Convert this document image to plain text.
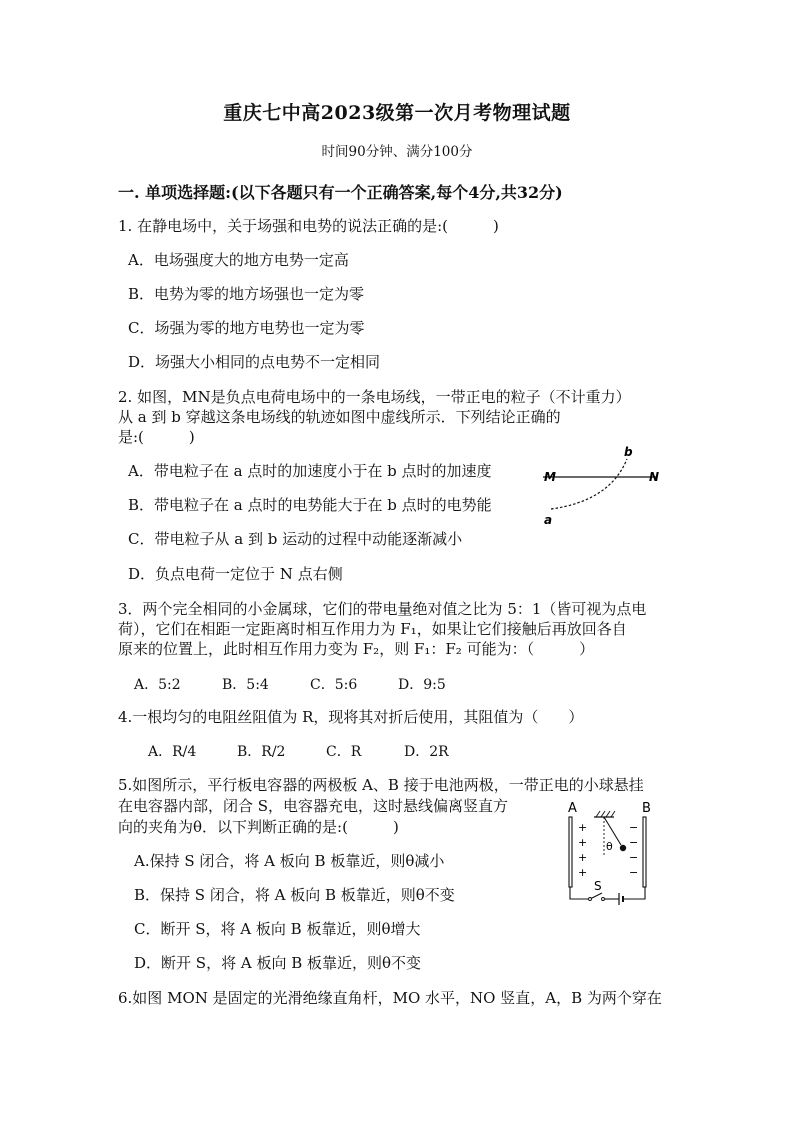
重庆七中高2023级第一次月考物理试题
时间90分钟、满分100分
一. 单项选择题:(以下各题只有一个正确答案,每个4分,共32分)
1. 在静电场中，关于场强和电势的说法正确的是:(　　　)
A．电场强度大的地方电势一定高
B．电势为零的地方场强也一定为零
C．场强为零的地方电势也一定为零
D．场强大小相同的点电势不一定相同
2. 如图，MN是负点电荷电场中的一条电场线，一带正电的粒子（不计重力）
从 a 到 b 穿越这条电场线的轨迹如图中虚线所示．下列结论正确的
是:(　　　)
A．带电粒子在 a 点时的加速度小于在 b 点时的加速度
B．带电粒子在 a 点时的电势能大于在 b 点时的电势能
C．带电粒子从 a 到 b 运动的过程中动能逐渐减小
D．负点电荷一定位于 N 点右侧
M	N
b
a
3．两个完全相同的小金属球，它们的带电量绝对值之比为 5：1（皆可视为点电
荷），它们在相距一定距离时相互作用力为 F₁，如果让它们接触后再放回各自
原来的位置上，此时相互作用力变为 F₂，则 F₁：F₂ 可能为：（　　　）
A．5:2	B．5:4	C．5:6	D．9:5
4.一根均匀的电阻丝阻值为 R，现将其对折后使用，其阻值为（　　）
A．R/4	B．R/2	C．R	D．2R
5.如图所示，平行板电容器的两极板 A、B 接于电池两极，一带正电的小球悬挂
在电容器内部，闭合 S，电容器充电，这时悬线偏离竖直方
向的夹角为θ．以下判断正确的是:(　　　)
A.保持 S 闭合，将 A 板向 B 板靠近，则θ减小
B．保持 S 闭合，将 A 板向 B 板靠近，则θ不变
C．断开 S，将 A 板向 B 板靠近，则θ增大
D．断开 S，将 A 板向 B 板靠近，则θ不变
A	B
θ
+
+
+
+
−
−
−
−
S
6.如图 MON 是固定的光滑绝缘直角杆，MO 水平，NO 竖直，A，B 为两个穿在
